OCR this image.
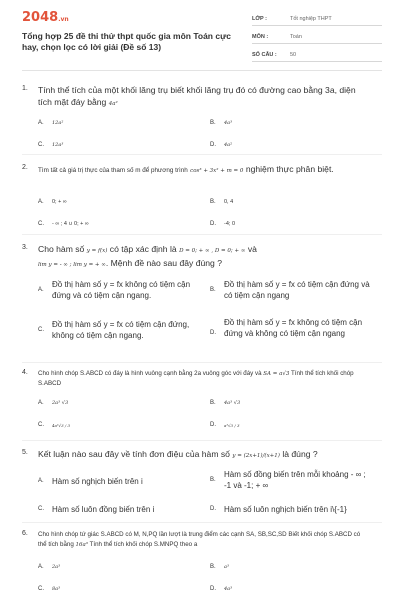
2048.vn
Tổng hợp 25 đề thi thử thpt quốc gia môn Toán cực hay, chọn lọc có lời giải (Đề số 13)
LỚP :	Tốt nghiệp THPT
MÔN :	Toán
SỐ CÂU :	50
1. Tính thể tích của một khối lăng trụ biết khối lăng trụ đó có đường cao bằng 3a, diện tích mặt đáy bằng 4a²
A.	12a²	B.	4a³
C.	12a³	D.	4a²
2. Tìm tất cả giá trị thực của tham số m để phương trình cos³ + 3x² + m = 0 nghiệm thực phân biệt.
A.	0; + ∞	B.	0, 4
C.	- ∞ ; 4 ∪ 0; + ∞	D.	-4; 0
3. Cho hàm số y = f(x) có tập xác định là D = 0; + ∞ , D = 0; + ∞ và
lim y = - ∞ ; lim y = + ∞. Mệnh đề nào sau đây đúng ?
A.
Đồ thị hàm số y = fx không có tiệm cận đứng và có tiệm cận ngang.
B.
Đồ thị hàm số y = fx có tiệm cận đứng và có tiệm cận ngang
C.
Đồ thị hàm số y = fx có tiệm cận đứng, không có tiệm cận ngang.	D.
Đồ thị hàm số y = fx không có tiệm cận đứng và không có tiệm cận ngang
4. Cho hình chóp S.ABCD có đáy là hình vuông cạnh bằng 2a vuông góc với đáy và SA = a√3 Tính thể tích khối chóp S.ABCD
A.	2a³ √3	B.	4a³ √3
C.	4a³√3 / 3	D.	a³√3 / 3
5. Kết luận nào sau đây về tính đơn điệu của hàm số y = (2x+1)/(x+1) là đúng ?
A.	Hàm số nghịch biến trên i	B.
Hàm số đồng biến trên mỗi khoảng - ∞ ; -1 và -1; + ∞
C.	Hàm số luôn đồng biến trên i	D.	Hàm số luôn nghịch biến trên i\{-1}
6. Cho hình chóp tứ giác S.ABCD có M, N,PQ lần lượt là trung điểm các cạnh SA, SB,SC,SD Biết khối chóp S.ABCD có thể tích bằng 16a³ Tính thể tích khối chóp S.MNPQ theo a
A.	2a³	B.	a³
C.	8a³	D.	4a³
